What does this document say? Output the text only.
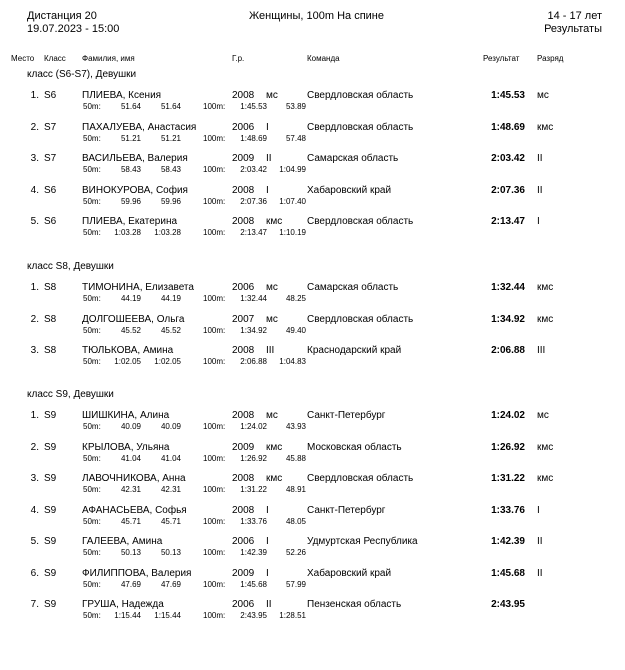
Дистанция 20
19.07.2023 - 15:00
Женщины, 100m На спине	14 - 17 лет
Результаты
Место Класс Фамилия, имя	Г.р.	Команда	Результат Разряд
класс (S6-S7), Девушки
1. S6	ПЛИЕВА, Ксения	2008 мс	Свердловская область	1:45.53 мс
50m:	51.64	51.64	100m:	1:45.53	53.89
2. S7	ПАХАЛУЕВА, Анастасия	2006 I	Свердловская область	1:48.69 кмс
50m:	51.21	51.21	100m:	1:48.69	57.48
3. S7	ВАСИЛЬЕВА, Валерия	2009 II	Самарская область	2:03.42 II
50m:	58.43	58.43	100m:	2:03.42	1:04.99
4. S6	ВИНОКУРОВА, София	2008 I	Хабаровский край	2:07.36 II
50m:	59.96	59.96	100m:	2:07.36	1:07.40
5. S6	ПЛИЕВА, Екатерина	2008 кмс Свердловская область	2:13.47 I
50m:	1:03.28	1:03.28	100m:	2:13.47	1:10.19
класс S8, Девушки
1. S8	ТИМОНИНА, Елизавета	2006 мс	Самарская область	1:32.44 кмс
50m:	44.19	44.19	100m:	1:32.44	48.25
2. S8	ДОЛГОШЕЕВА, Ольга	2007 мс	Свердловская область	1:34.92 кмс
50m:	45.52	45.52	100m:	1:34.92	49.40
3. S8	ТЮЛЬКОВА, Амина	2008 III	Краснодарский край	2:06.88 III
50m:	1:02.05	1:02.05	100m:	2:06.88	1:04.83
класс S9, Девушки
1. S9	ШИШКИНА, Алина	2008 мс	Санкт-Петербург	1:24.02 мс
50m:	40.09	40.09	100m:	1:24.02	43.93
2. S9	КРЫЛОВА, Ульяна	2009 кмс Московская область	1:26.92 кмс
50m:	41.04	41.04	100m:	1:26.92	45.88
3. S9	ЛАВОЧНИКОВА, Анна	2008 кмс Свердловская область	1:31.22 кмс
50m:	42.31	42.31	100m:	1:31.22	48.91
4. S9	АФАНАСЬЕВА, Софья	2008 I	Санкт-Петербург	1:33.76 I
50m:	45.71	45.71	100m:	1:33.76	48.05
5. S9	ГАЛЕЕВА, Амина	2006 I	Удмуртская Республика	1:42.39 II
50m:	50.13	50.13	100m:	1:42.39	52.26
6. S9	ФИЛИППОВА, Валерия	2009 I	Хабаровский край	1:45.68 II
50m:	47.69	47.69	100m:	1:45.68	57.99
7. S9	ГРУША, Надежда	2006 II	Пензенская область	2:43.95
50m:	1:15.44	1:15.44	100m:	2:43.95	1:28.51
